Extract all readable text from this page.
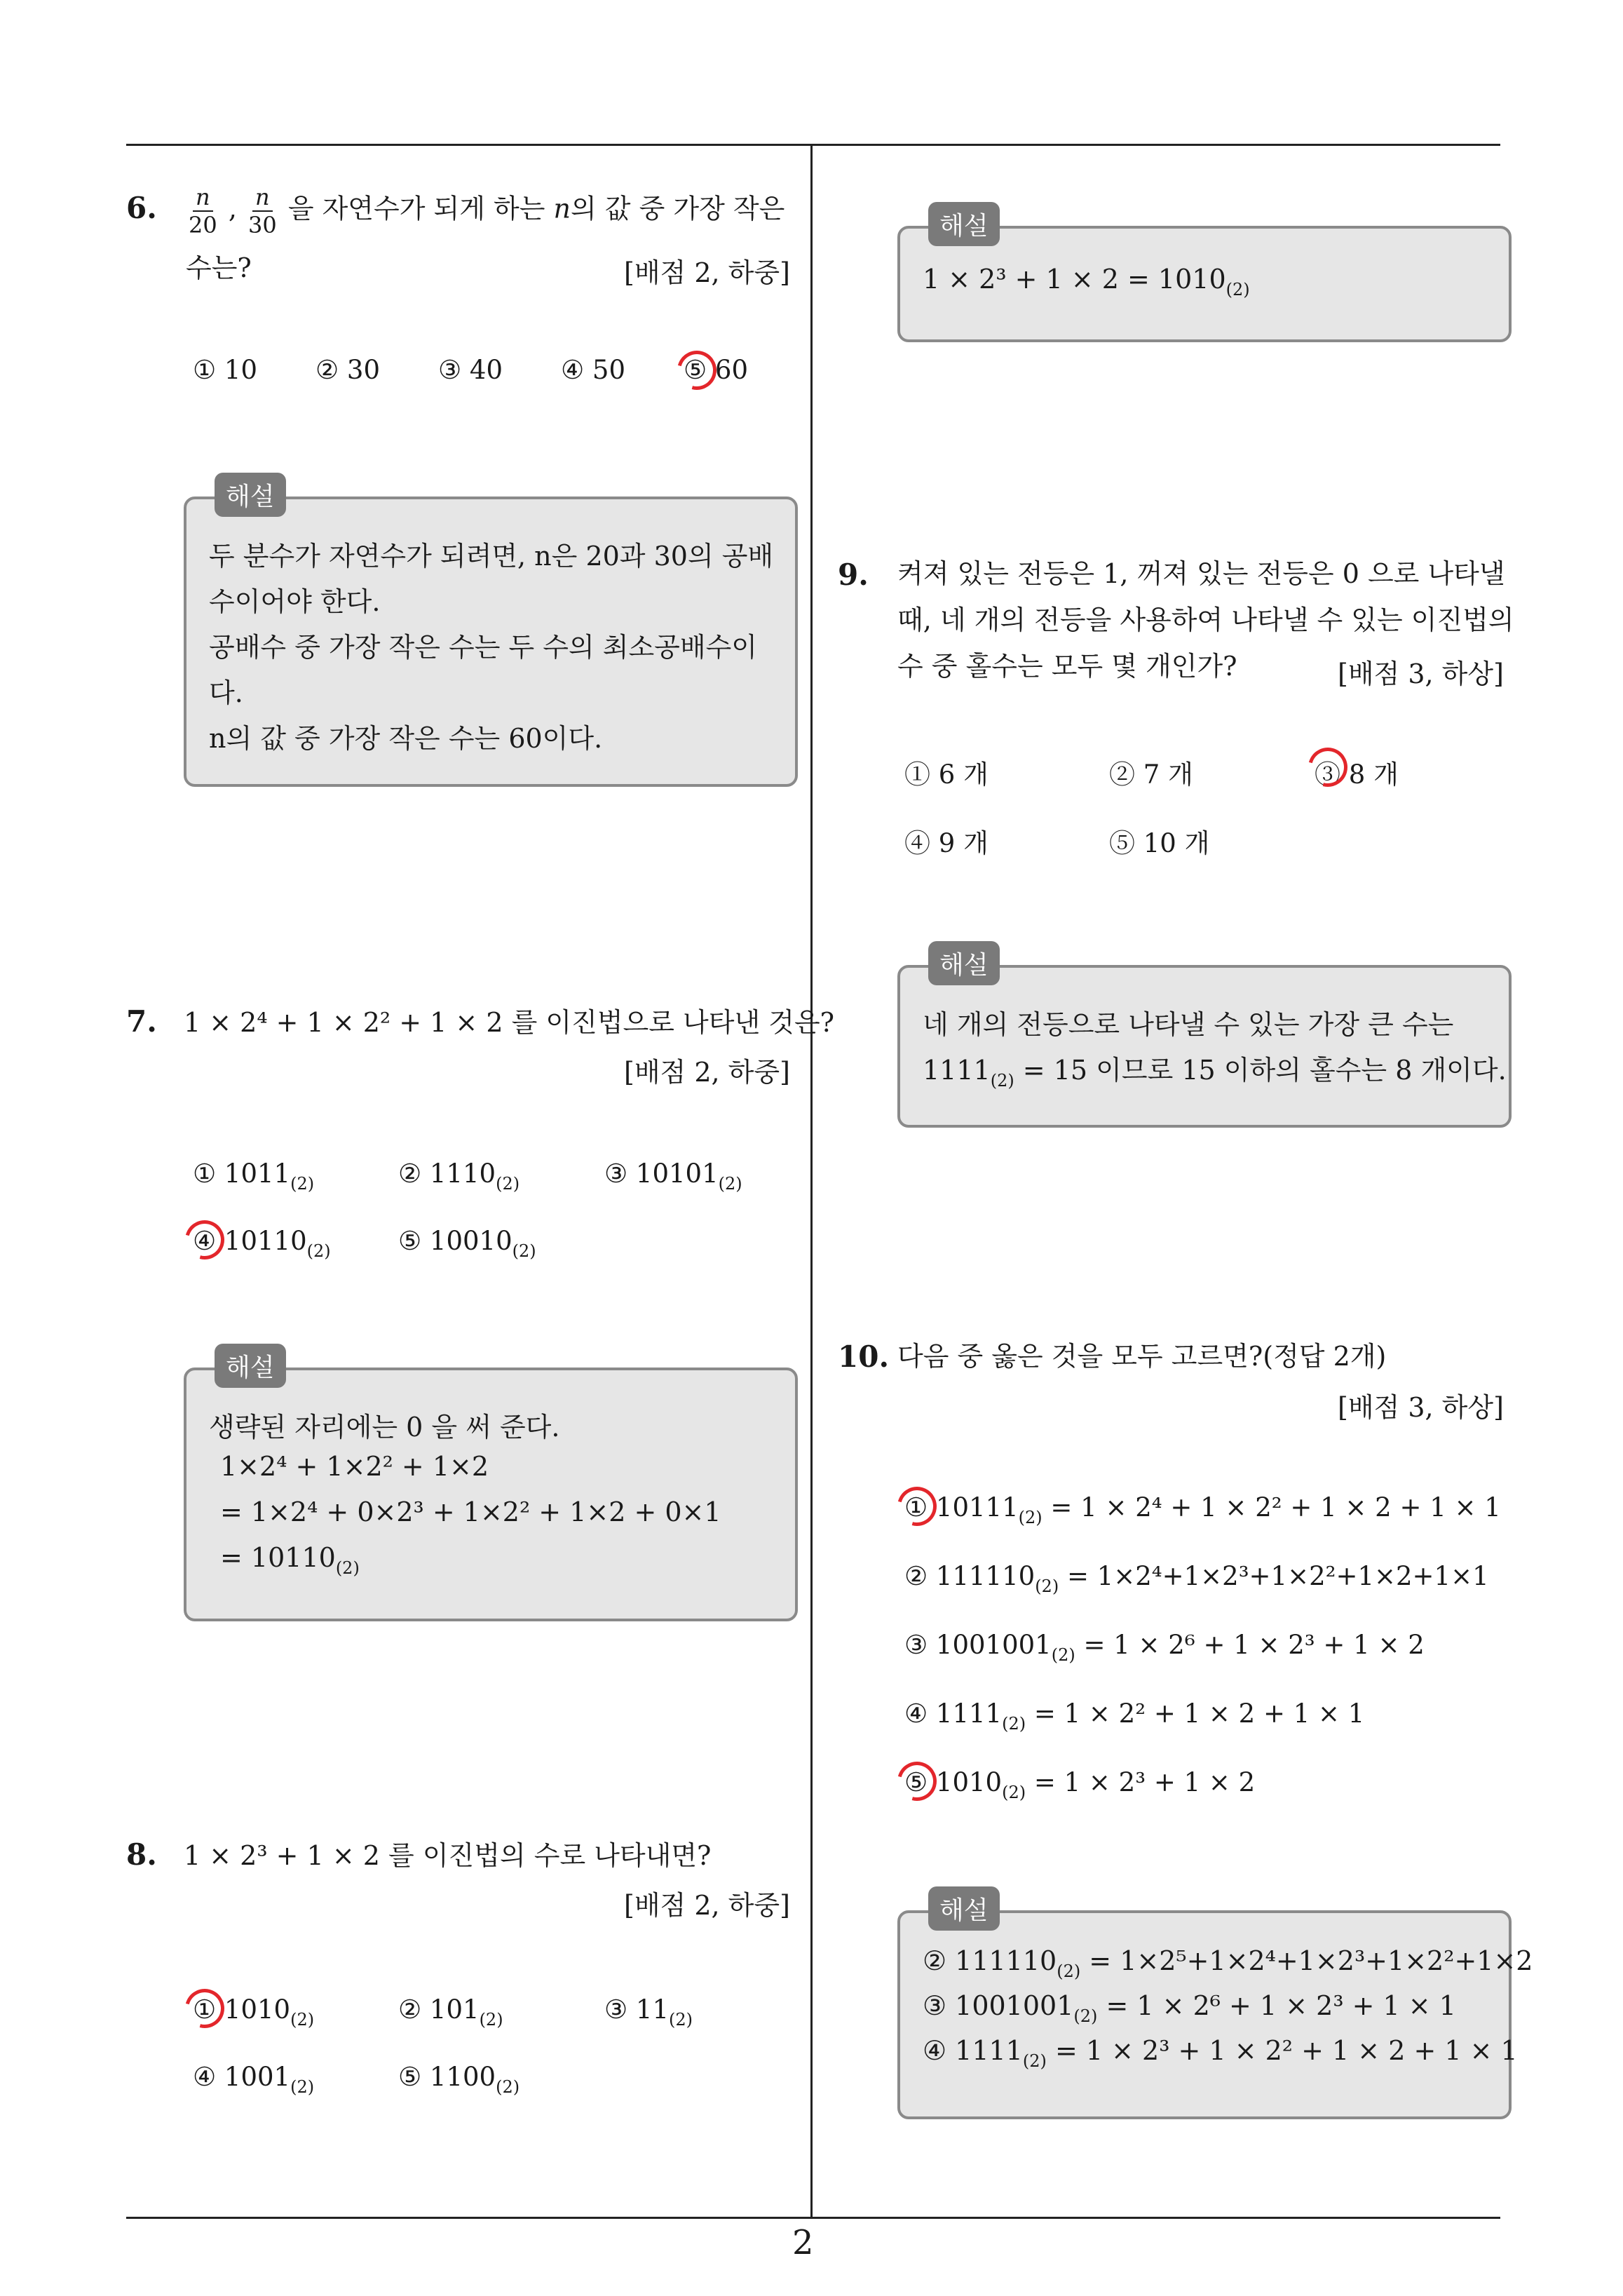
6. $\frac{n}{20}$ , $\frac{n}{30}$ 을 자연수가 되게 하는 n의 값 중 가장 작은
수는?	[배점 2, 하중]
① 10 ② 30 ③ 40 ④ 50 ⑤ 60
해설
두 분수가 자연수가 되려면, n은 20과 30의 공배
수이어야 한다.
공배수 중 가장 작은 수는 두 수의 최소공배수이
다.
n의 값 중 가장 작은 수는 60이다.
7. 1 × 2⁴ + 1 × 2² + 1 × 2 를 이진법으로 나타낸 것은?
[배점 2, 하중]
① $1011_{(2)}$	② $1110_{(2)}$	③ $10101_{(2)}$
④ $10110_{(2)}$	⑤ $10010_{(2)}$
해설
생략된 자리에는 0 을 써 준다.
1×2⁴ + 1×2² + 1×2
= 1×2⁴ + 0×2³ + 1×2² + 1×2 + 0×1
= $10110_{(2)}$
8. 1 × 2³ + 1 × 2 를 이진법의 수로 나타내면?
[배점 2, 하중]
① $1010_{(2)}$	② $101_{(2)}$	③ $11_{(2)}$
④ $1001_{(2)}$	⑤ $1100_{(2)}$
해설
$1 \times 2^3 + 1 \times 2 = 1010_{(2)}$
9. 켜져 있는 전등은 1, 꺼져 있는 전등은 0 으로 나타낼
때, 네 개의 전등을 사용하여 나타낼 수 있는 이진법의
수 중 홀수는 모두 몇 개인가?	[배점 3, 하상]
① 6 개	② 7 개	③ 8 개
④ 9 개	⑤ 10 개
해설
네 개의 전등으로 나타낼 수 있는 가장 큰 수는
$1111_{(2)} = 15$ 이므로 15 이하의 홀수는 8 개이다.
10. 다음 중 옳은 것을 모두 고르면?(정답 2개)
[배점 3, 하상]
① $10111_{(2)} = 1 \times 2^4 + 1 \times 2^2 + 1 \times 2 + 1 \times 1$
② $111110_{(2)} = 1\times 2^4+1\times 2^3+1\times 2^2+1\times 2+1\times 1$
③ $1001001_{(2)} = 1 \times 2^6 + 1 \times 2^3 + 1 \times 2$
④ $1111_{(2)} = 1 \times 2^2 + 1 \times 2 + 1 \times 1$
⑤ $1010_{(2)} = 1 \times 2^3 + 1 \times 2$
해설
② $111110_{(2)} = 1\times 2^5+1\times 2^4+1\times 2^3+1\times 2^2+1\times 2$
③ $1001001_{(2)} = 1 \times 2^6 + 1 \times 2^3 + 1 \times 1$
④ $1111_{(2)} = 1 \times 2^3 + 1 \times 2^2 + 1 \times 2 + 1 \times 1$
2
